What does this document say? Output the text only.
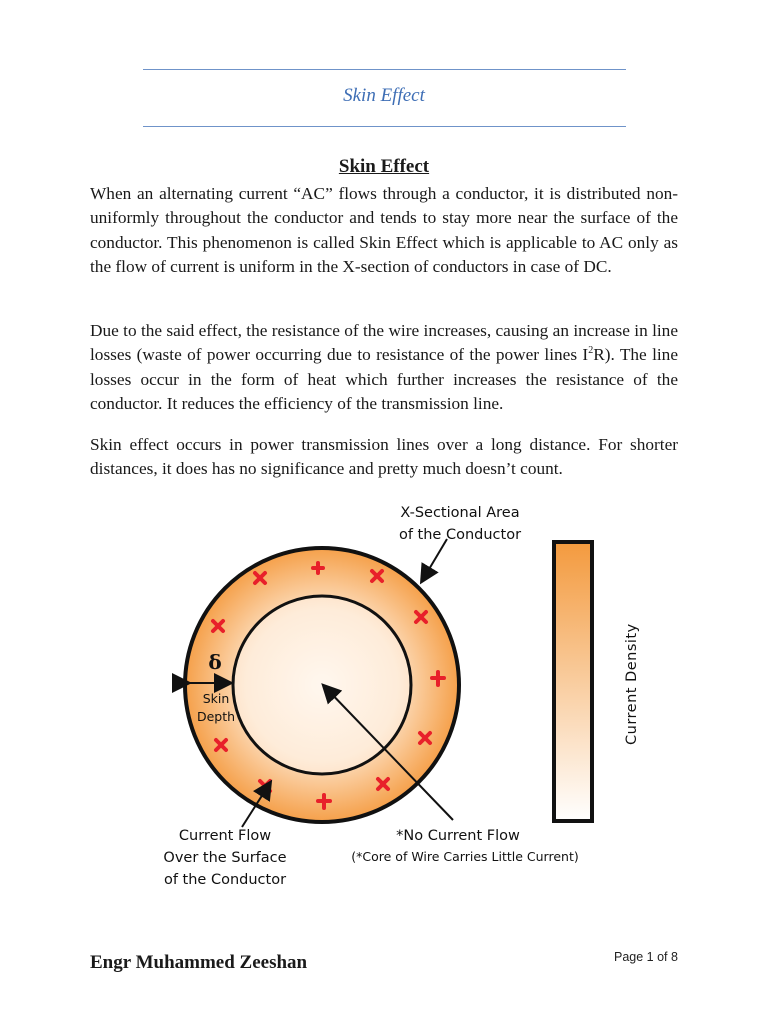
Skin Effect
Skin Effect
When an alternating current “AC” flows through a conductor, it is distributed non-uniformly throughout the conductor and tends to stay more near the surface of the conductor. This phenomenon is called Skin Effect which is applicable to AC only as the flow of current is uniform in the X-section of conductors in case of DC.
Due to the said effect, the resistance of the wire increases, causing an increase in line losses (waste of power occurring due to resistance of the power lines $I^2R$). The line losses occur in the form of heat which further increases the resistance of the conductor. It reduces the efficiency of the transmission line.
Skin effect occurs in power transmission lines over a long distance. For shorter distances, it does has no significance and pretty much doesn’t count.
X-Sectional Area
of the Conductor
δ
Skin
Depth
Current Flow
Over the Surface
of the Conductor
*No Current Flow
(*Core of Wire Carries Little Current)
Current Density
Engr Muhammed Zeeshan	Page 1 of 8
